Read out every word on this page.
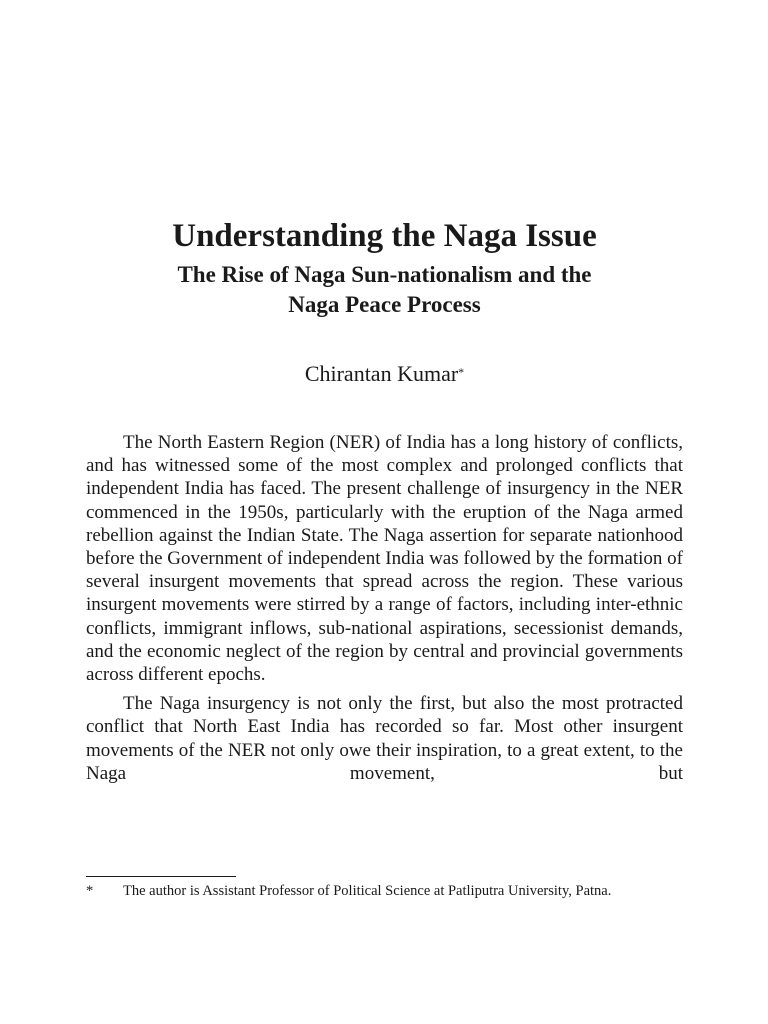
Understanding the Naga Issue
The Rise of Naga Sun-nationalism and the
Naga Peace Process
Chirantan Kumar*

The North Eastern Region (NER) of India has a long history of conflicts, and has witnessed some of the most complex and prolonged conflicts that independent India has faced. The present challenge of insurgency in the NER commenced in the 1950s, particularly with the eruption of the Naga armed rebellion against the Indian State. The Naga assertion for separate nationhood before the Government of independent India was followed by the formation of several insurgent movements that spread across the region. These various insurgent movements were stirred by a range of factors, including inter-ethnic conflicts, immigrant inflows, sub-national aspirations, secessionist demands, and the economic neglect of the region by central and provincial governments across different epochs.

The Naga insurgency is not only the first, but also the most protracted conflict that North East India has recorded so far. Most other insurgent movements of the NER not only owe their inspiration, to a great extent, to the Naga movement, but

*	The author is Assistant Professor of Political Science at Patliputra University, Patna.
